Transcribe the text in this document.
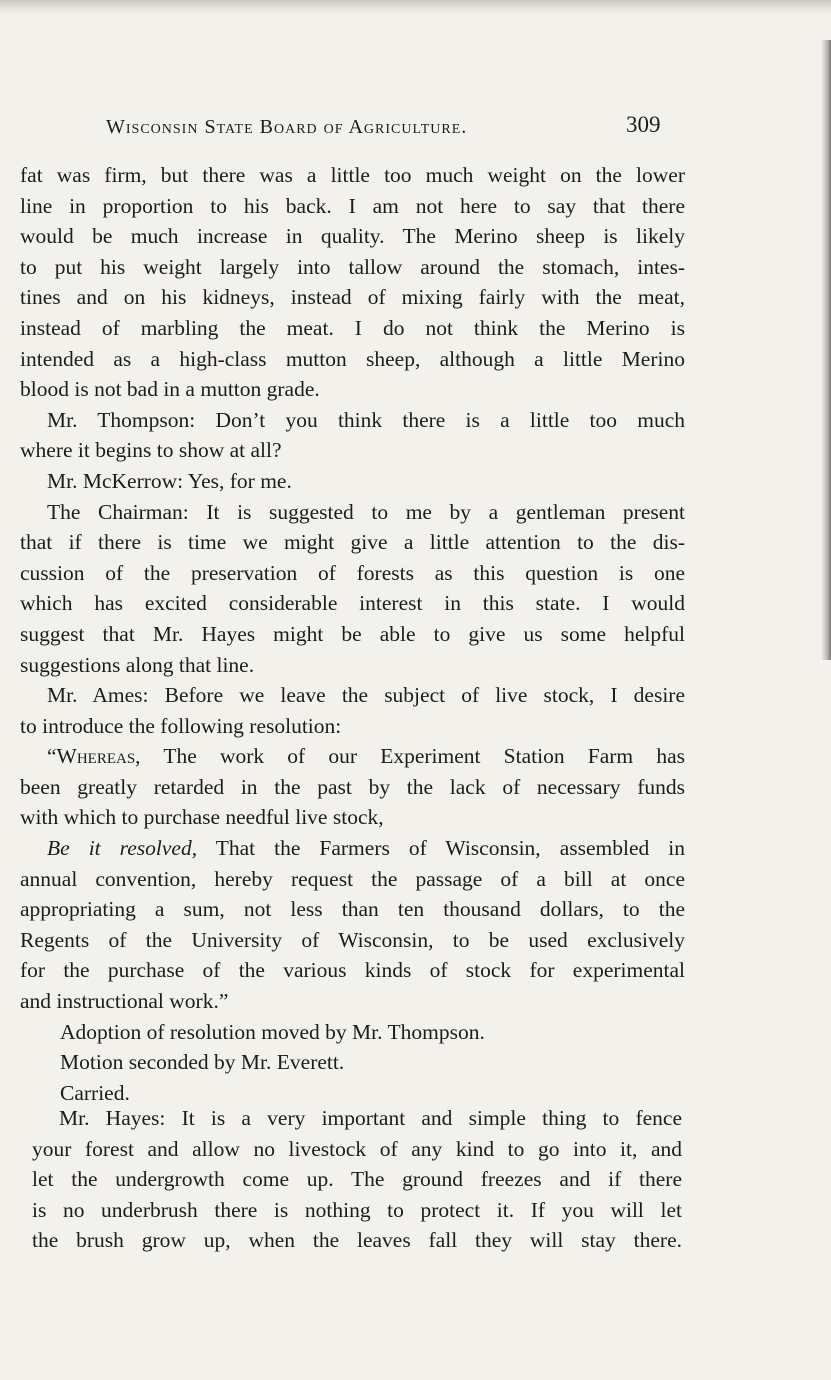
Wisconsin State Board of Agriculture.	309
fat was firm, but there was a little too much weight on the lower
line in proportion to his back. I am not here to say that there
would be much increase in quality. The Merino sheep is likely
to put his weight largely into tallow around the stomach, intes-
tines and on his kidneys, instead of mixing fairly with the meat,
instead of marbling the meat. I do not think the Merino is
intended as a high-class mutton sheep, although a little Merino
blood is not bad in a mutton grade.
Mr. Thompson: Don’t you think there is a little too much
where it begins to show at all?
Mr. McKerrow: Yes, for me.
The Chairman: It is suggested to me by a gentleman present
that if there is time we might give a little attention to the dis-
cussion of the preservation of forests as this question is one
which has excited considerable interest in this state. I would
suggest that Mr. Hayes might be able to give us some helpful
suggestions along that line.
Mr. Ames: Before we leave the subject of live stock, I desire
to introduce the following resolution:
“Whereas, The work of our Experiment Station Farm has
been greatly retarded in the past by the lack of necessary funds
with which to purchase needful live stock,
Be it resolved, That the Farmers of Wisconsin, assembled in
annual convention, hereby request the passage of a bill at once
appropriating a sum, not less than ten thousand dollars, to the
Regents of the University of Wisconsin, to be used exclusively
for the purchase of the various kinds of stock for experimental
and instructional work.”
Adoption of resolution moved by Mr. Thompson.
Motion seconded by Mr. Everett.
Carried.
Mr. Hayes: It is a very important and simple thing to fence
your forest and allow no livestock of any kind to go into it, and
let the undergrowth come up. The ground freezes and if there
is no underbrush there is nothing to protect it. If you will let
the brush grow up, when the leaves fall they will stay there.
